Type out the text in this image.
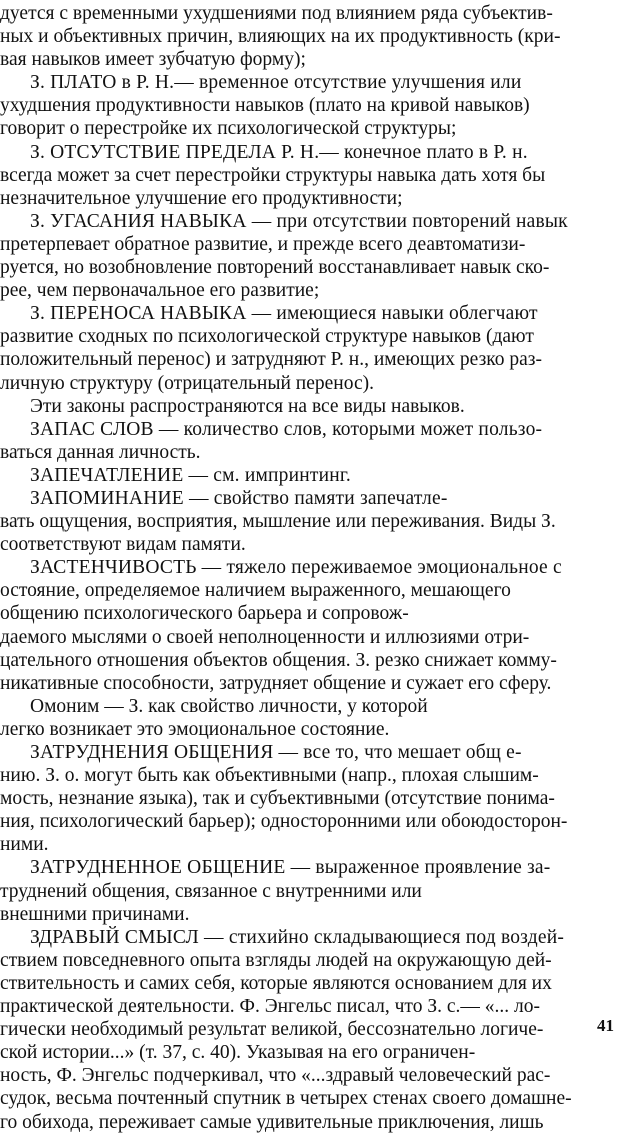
дуется с временными ухудшениями под влиянием ряда субъектив-
ных и объективных причин, влияющих на их продуктивность (кри-
вая навыков имеет зубчатую форму);
З. ПЛАТО в Р. Н.— временное отсутствие улучшения или
ухудшения продуктивности навыков (плато на кривой навыков)
говорит о перестройке их психологической структуры;
З. ОТСУТСТВИЕ ПРЕДЕЛА Р. Н.— конечное плато в Р. н.
всегда может за счет перестройки структуры навыка дать хотя бы
незначительное улучшение его продуктивности;
З. УГАСАНИЯ НАВЫКА — при отсутствии повторений навык
претерпевает обратное развитие, и прежде всего деавтоматизи-
руется, но возобновление повторений восстанавливает навык ско-
рее, чем первоначальное его развитие;
З. ПЕРЕНОСА НАВЫКА — имеющиеся навыки облегчают
развитие сходных по психологической структуре навыков (дают
положительный перенос) и затрудняют Р. н., имеющих резко раз-
личную структуру (отрицательный перенос).
Эти законы распространяются на все виды навыков.
ЗАПАС СЛОВ — количество слов, которыми может пользо-
ваться данная личность.
ЗАПЕЧАТЛЕНИЕ — см. импринтинг.
ЗАПОМИНАНИЕ — свойство памяти запечатле-
вать ощущения, восприятия, мышление или переживания. Виды З.
соответствуют видам памяти.
ЗАСТЕНЧИВОСТЬ — тяжело переживаемое эмоциональное с
остояние, определяемое наличием выраженного, мешающего
общению психологического барьера и сопровож-
даемого мыслями о своей неполноценности и иллюзиями отри-
цательного отношения объектов общения. З. резко снижает комму-
никативные способности, затрудняет общение и сужает его сферу.
Омоним — З. как свойство личности, у которой
легко возникает это эмоциональное состояние.
ЗАТРУДНЕНИЯ ОБЩЕНИЯ — все то, что мешает общ е-
нию. З. о. могут быть как объективными (напр., плохая слышим-
мость, незнание языка), так и субъективными (отсутствие понима-
ния, психологический барьер); односторонними или обоюдосторон-
ними.
ЗАТРУДНЕННОЕ ОБЩЕНИЕ — выраженное проявление за-
труднений общения, связанное с внутренними или
внешними причинами.
ЗДРАВЫЙ СМЫСЛ — стихийно складывающиеся под воздей-
ствием повседневного опыта взгляды людей на окружающую дей-
ствительность и самих себя, которые являются основанием для их
практической деятельности. Ф. Энгельс писал, что З. с.— «... ло-
гически необходимый результат великой, бессознательно логиче-
ской истории...» (т. 37, с. 40). Указывая на его ограничен-
ность, Ф. Энгельс подчеркивал, что «...здравый человеческий рас-
судок, весьма почтенный спутник в четырех стенах своего домашне-
го обихода, переживает самые удивительные приключения, лишь
41
